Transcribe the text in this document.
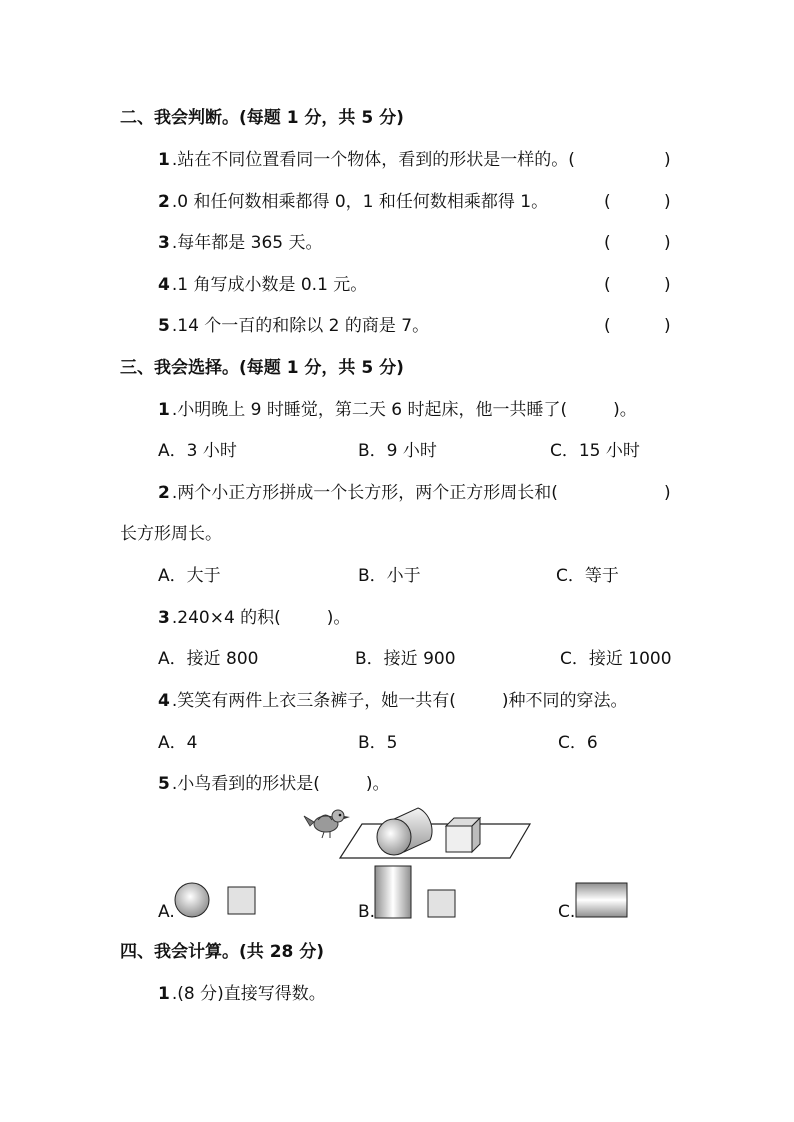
二、我会判断。(每题 1 分，共 5 分)
1 .站在不同位置看同一个物体，看到的形状是一样的。(	)
2 .0 和任何数相乘都得 0，1 和任何数相乘都得 1。	(	)
3 .每年都是 365 天。	(	)
4 .1 角写成小数是 0.1 元。	(	)
5 .14 个一百的和除以 2 的商是 7。	(	)
三、我会选择。(每题 1 分，共 5 分)
1 .小明晚上 9 时睡觉，第二天 6 时起床，他一共睡了(	)。
A．3 小时	B．9 小时	C．15 小时
2 .两个小正方形拼成一个长方形，两个正方形周长和(	)
长方形周长。
A．大于	B．小于	C．等于
3 .240×4 的积(	)。
A．接近 800	B．接近 900	C．接近 1000
4 .笑笑有两件上衣三条裤子，她一共有(	)种不同的穿法。
A．4	B．5	C．6
5 .小鸟看到的形状是(	)。
A.	B.	C.
四、我会计算。(共 28 分)
1 .(8 分)直接写得数。
